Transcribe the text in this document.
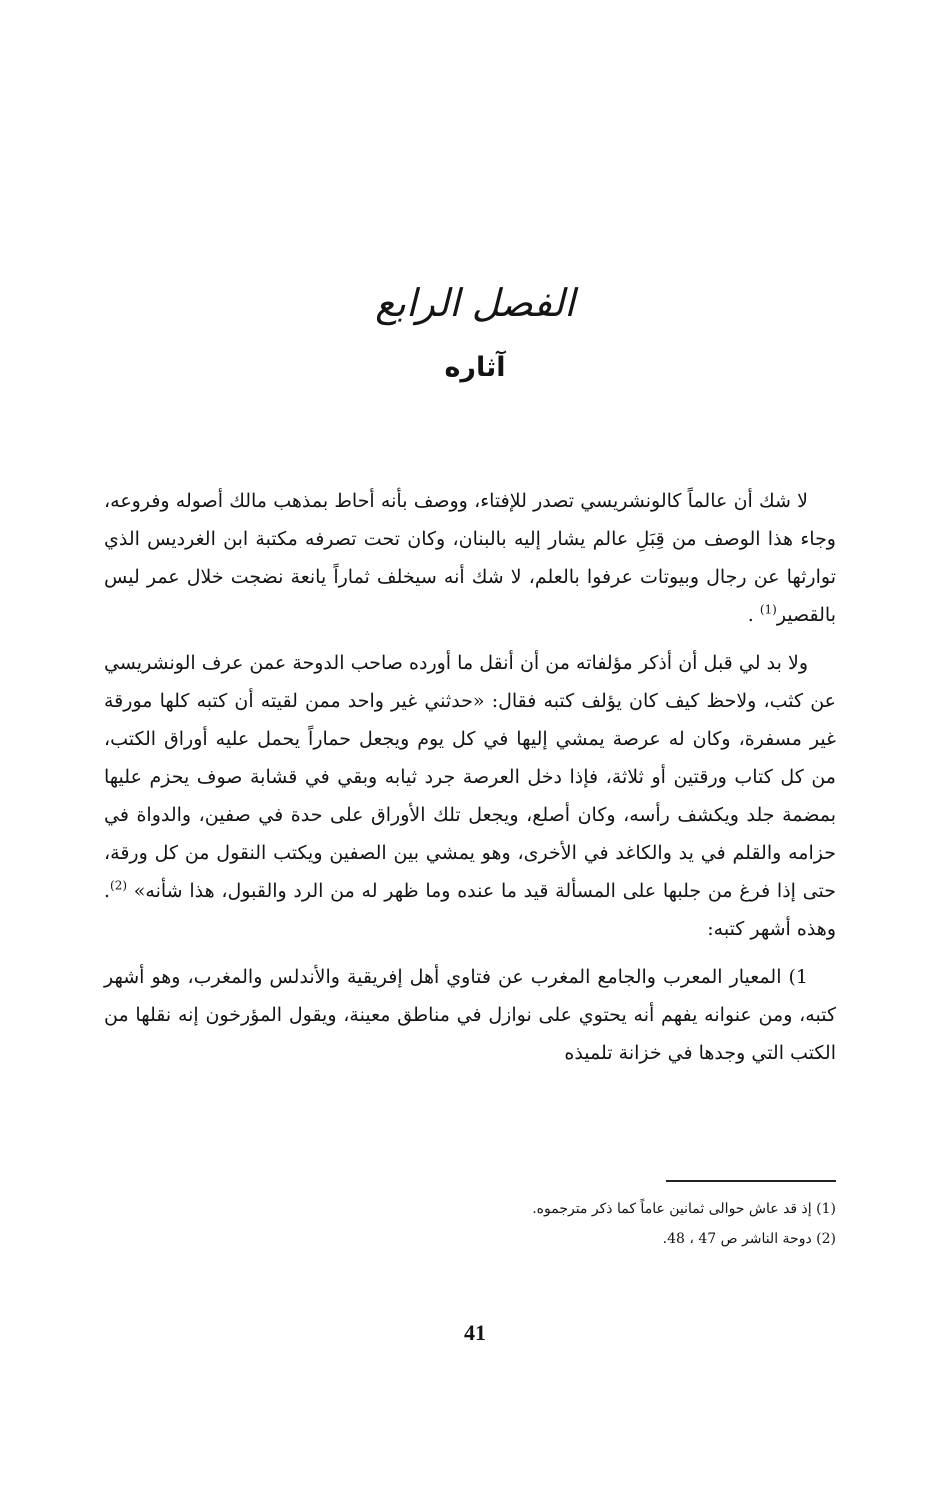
الفصل الرابع
آثاره

لا شك أن عالماً كالونشريسي تصدر للإفتاء، ووصف بأنه أحاط بمذهب مالك أصوله وفروعه، وجاء هذا الوصف من قِبَلِ عالم يشار إليه بالبنان، وكان تحت تصرفه مكتبة ابن الغرديس الذي توارثها عن رجال وبيوتات عرفوا بالعلم، لا شك أنه سيخلف ثماراً يانعة نضجت خلال عمر ليس بالقصير$^{(1)}$ .

ولا بد لي قبل أن أذكر مؤلفاته من أن أنقل ما أورده صاحب الدوحة عمن عرف الونشريسي عن كثب، ولاحظ كيف كان يؤلف كتبه فقال: «حدثني غير واحد ممن لقيته أن كتبه كلها مورقة غير مسفرة، وكان له عرصة يمشي إليها في كل يوم ويجعل حماراً يحمل عليه أوراق الكتب، من كل كتاب ورقتين أو ثلاثة، فإذا دخل العرصة جرد ثيابه وبقي في قشابة صوف يحزم عليها بمضمة جلد ويكشف رأسه، وكان أصلع، ويجعل تلك الأوراق على حدة في صفين، والدواة في حزامه والقلم في يد والكاغد في الأخرى، وهو يمشي بين الصفين ويكتب النقول من كل ورقة، حتى إذا فرغ من جلبها على المسألة قيد ما عنده وما ظهر له من الرد والقبول، هذا شأنه» $^{(2)}$. وهذه أشهر كتبه:

1) المعيار المعرب والجامع المغرب عن فتاوي أهل إفريقية والأندلس والمغرب، وهو أشهر كتبه، ومن عنوانه يفهم أنه يحتوي على نوازل في مناطق معينة، ويقول المؤرخون إنه نقلها من الكتب التي وجدها في خزانة تلميذه

(1) إذ قد عاش حوالى ثمانين عاماً كما ذكر مترجموه.

(2) دوحة الناشر ص 47 ، 48.

41
